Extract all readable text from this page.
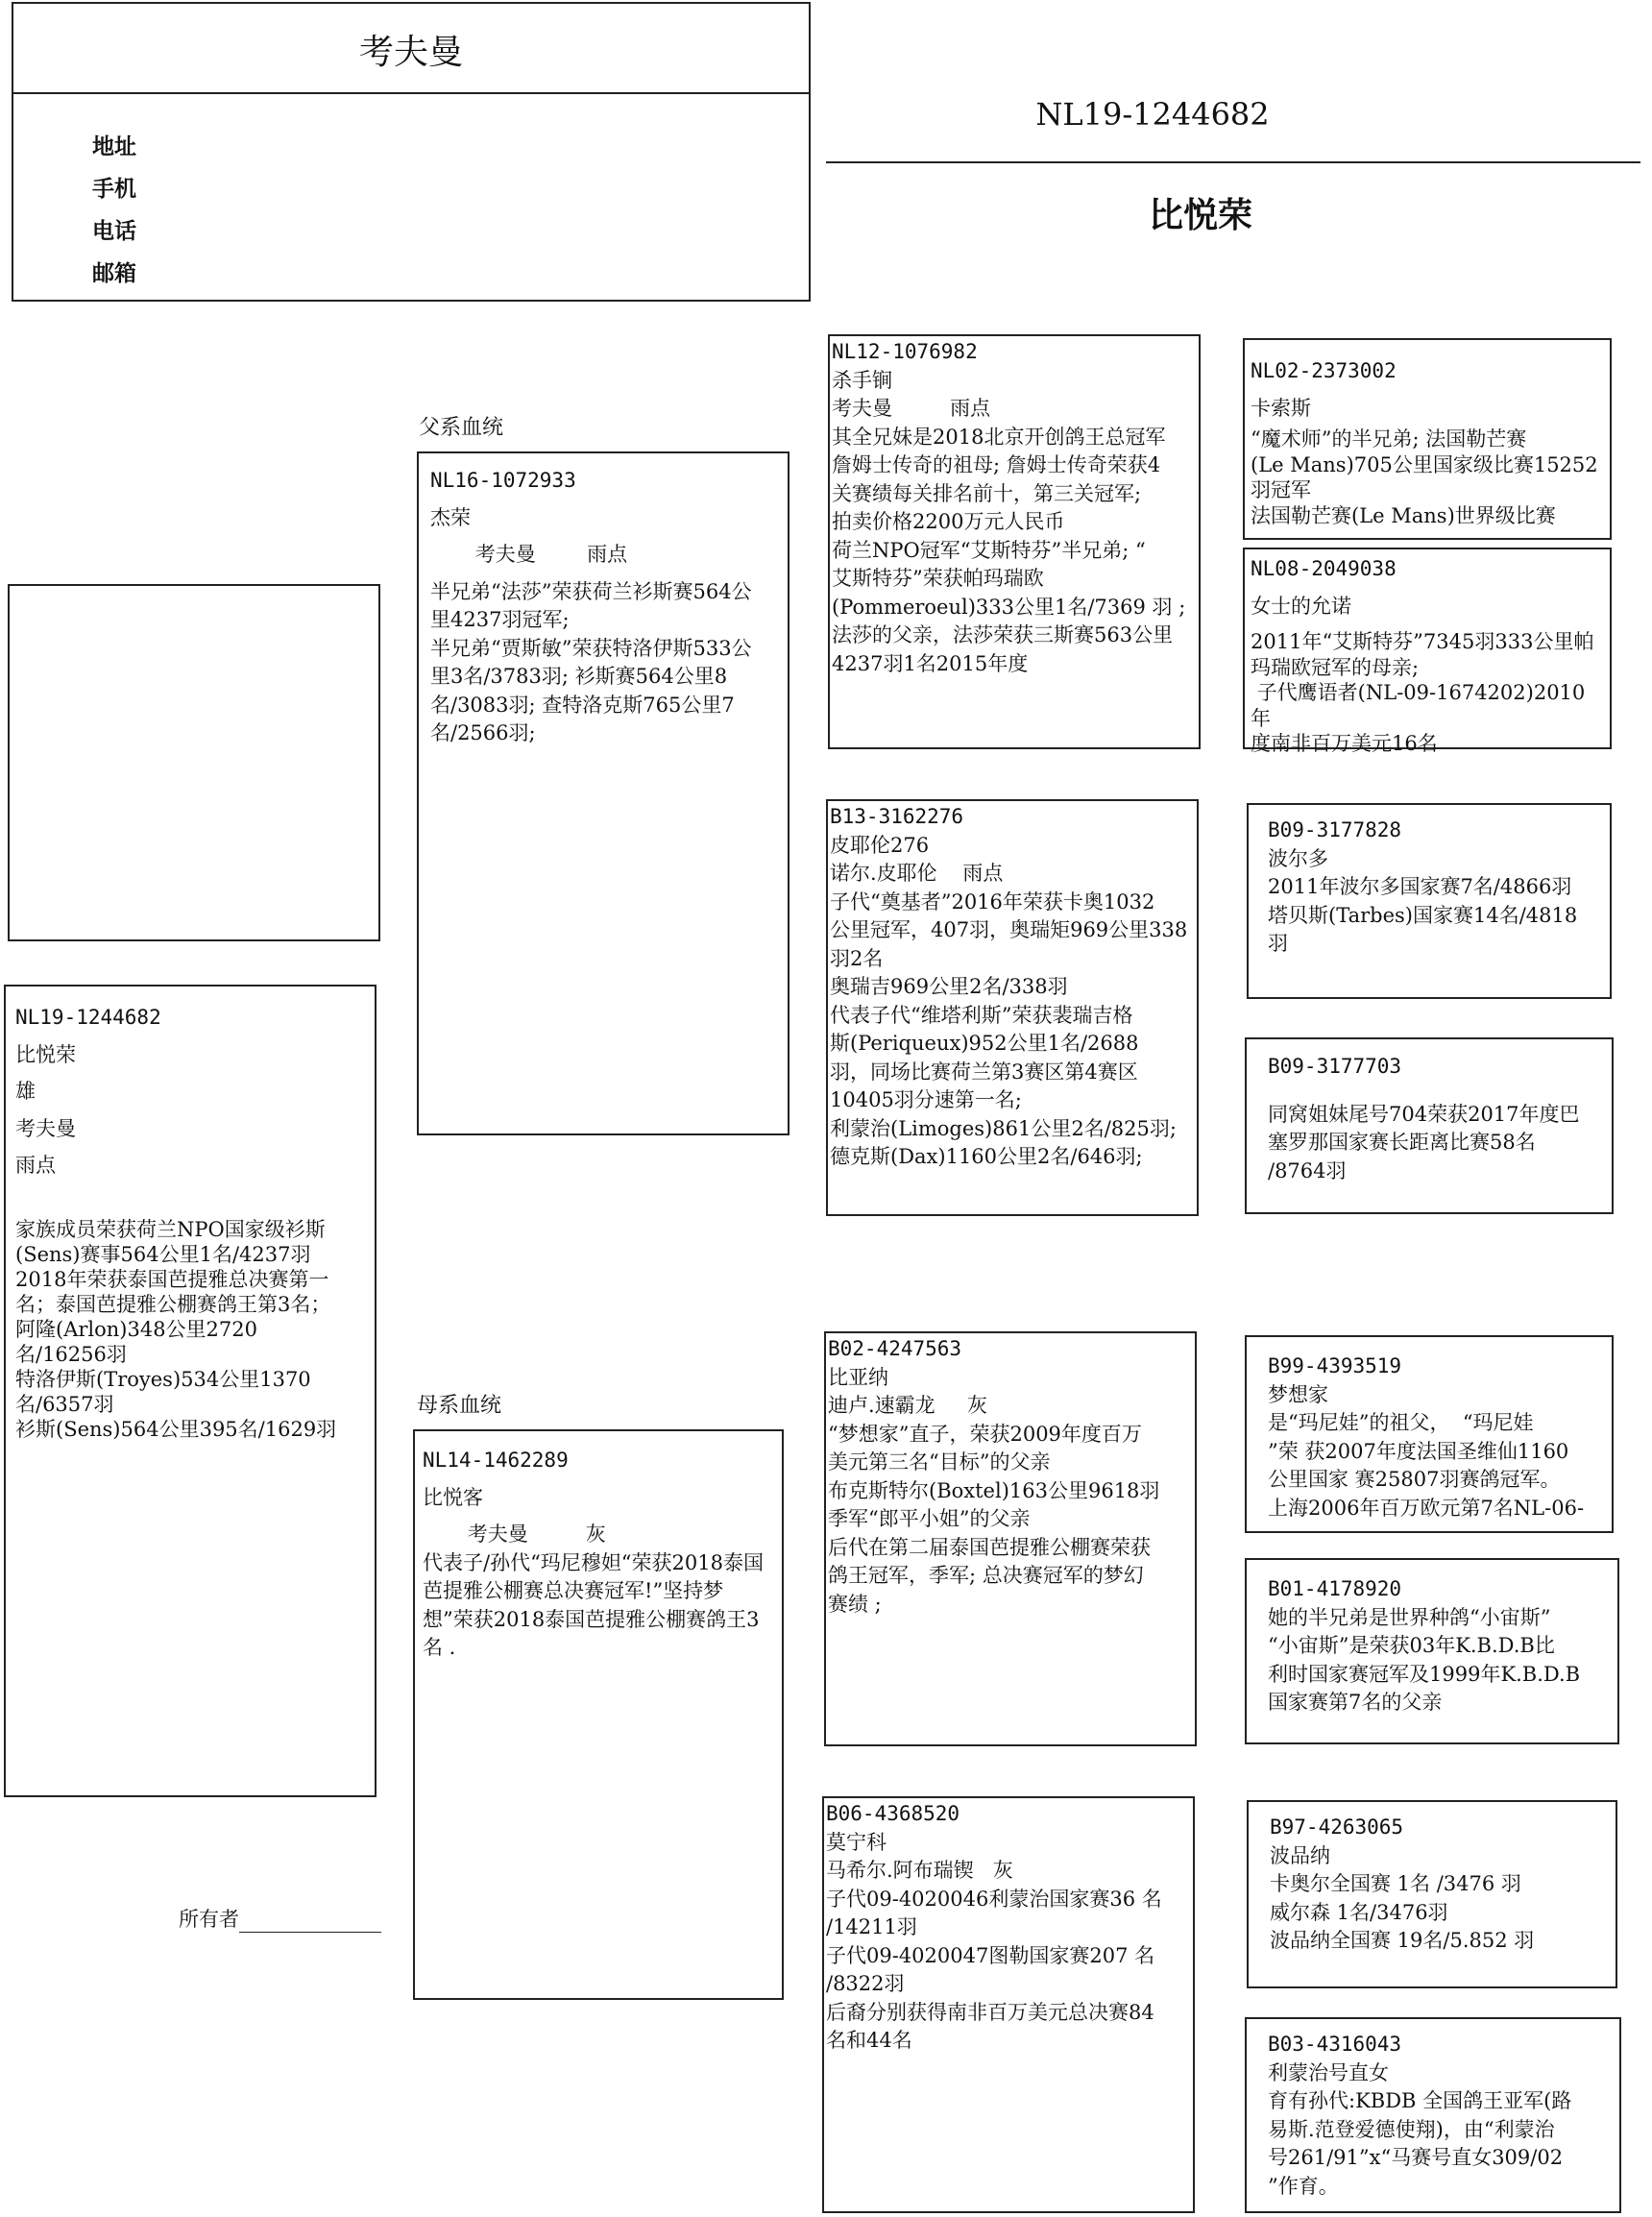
考夫曼
地址
手机
电话
邮箱
NL19-1244682
比悦荣
父系血统
母系血统
所有者
NL19-1244682
比悦荣
雄
考夫曼
雨点
家族成员荣获荷兰NPO国家级衫斯
(Sens)赛事564公里1名/4237羽
2018年荣获泰国芭提雅总决赛第一
名；泰国芭提雅公棚赛鸽王第3名；
阿隆(Arlon)348公里2720
名/16256羽
特洛伊斯(Troyes)534公里1370
名/6357羽
衫斯(Sens)564公里395名/1629羽
NL16-1072933
杰荣
考夫曼        雨点
半兄弟“法莎”荣获荷兰衫斯赛564公
里4237羽冠军;
半兄弟“贾斯敏”荣获特洛伊斯533公
里3名/3783羽; 衫斯赛564公里8
名/3083羽; 查特洛克斯765公里7
名/2566羽;
NL14-1462289
比悦客
考夫曼         灰
代表子/孙代“玛尼穆妲“荣获2018泰国
芭提雅公棚赛总决赛冠军!”坚持梦
想”荣获2018泰国芭提雅公棚赛鸽王3
名 .
NL12-1076982
杀手锏
考夫曼         雨点
其全兄妹是2018北京开创鸽王总冠军
詹姆士传奇的祖母; 詹姆士传奇荣获4
关赛绩每关排名前十，第三关冠军;
拍卖价格2200万元人民币
荷兰NPO冠军“艾斯特芬”半兄弟; “
艾斯特芬”荣获帕玛瑞欧
(Pommeroeul)333公里1名/7369 羽 ;
法莎的父亲，法莎荣获三斯赛563公里
4237羽1名2015年度
NL02-2373002
卡索斯
“魔术师”的半兄弟; 法国勒芒赛
(Le Mans)705公里国家级比赛15252
羽冠军
法国勒芒赛(Le Mans)世界级比赛
NL08-2049038
女士的允诺
2011年“艾斯特芬”7345羽333公里帕
玛瑞欧冠军的母亲;
子代鹰语者(NL-09-1674202)2010年
度南非百万美元16名
B13-3162276
皮耶伦276
诺尔.皮耶伦    雨点
子代“奠基者”2016年荣获卡奥1032
公里冠军，407羽，奥瑞矩969公里338
羽2名
奥瑞吉969公里2名/338羽
代表子代“维塔利斯”荣获裴瑞吉格
斯(Periqueux)952公里1名/2688
羽，同场比赛荷兰第3赛区第4赛区
10405羽分速第一名;
利蒙治(Limoges)861公里2名/825羽;
德克斯(Dax)1160公里2名/646羽;
B09-3177828
波尔多
2011年波尔多国家赛7名/4866羽
塔贝斯(Tarbes)国家赛14名/4818
羽
B09-3177703
同窝姐妹尾号704荣获2017年度巴
塞罗那国家赛长距离比赛58名
/8764羽
B02-4247563
比亚纳
迪卢.速霸龙     灰
“梦想家”直子，荣获2009年度百万
美元第三名“目标”的父亲
布克斯特尔(Boxtel)163公里9618羽
季军“郎平小姐”的父亲
后代在第二届泰国芭提雅公棚赛荣获
鸽王冠军，季军; 总决赛冠军的梦幻
赛绩 ;
B99-4393519
梦想家
是“玛尼娃”的祖父，  “玛尼娃
”荣 获2007年度法国圣维仙1160
公里国家 赛25807羽赛鸽冠军。
上海2006年百万欧元第7名NL-06-
B01-4178920
她的半兄弟是世界种鸽“小宙斯”
“小宙斯”是荣获03年K.B.D.B比
利时国家赛冠军及1999年K.B.D.B
国家赛第7名的父亲
B06-4368520
莫宁科
马希尔.阿布瑞锲   灰
子代09-4020046利蒙治国家赛36 名
/14211羽
子代09-4020047图勒国家赛207 名
/8322羽
后裔分别获得南非百万美元总决赛84
名和44名
B97-4263065
波品纳
卡奥尔全国赛 1名 /3476 羽
威尔森 1名/3476羽
波品纳全国赛 19名/5.852 羽
B03-4316043
利蒙治号直女
育有孙代:KBDB 全国鸽王亚军(路
易斯.范登爱德使翔)，由“利蒙治
号261/91”x“马赛号直女309/02
”作育。
